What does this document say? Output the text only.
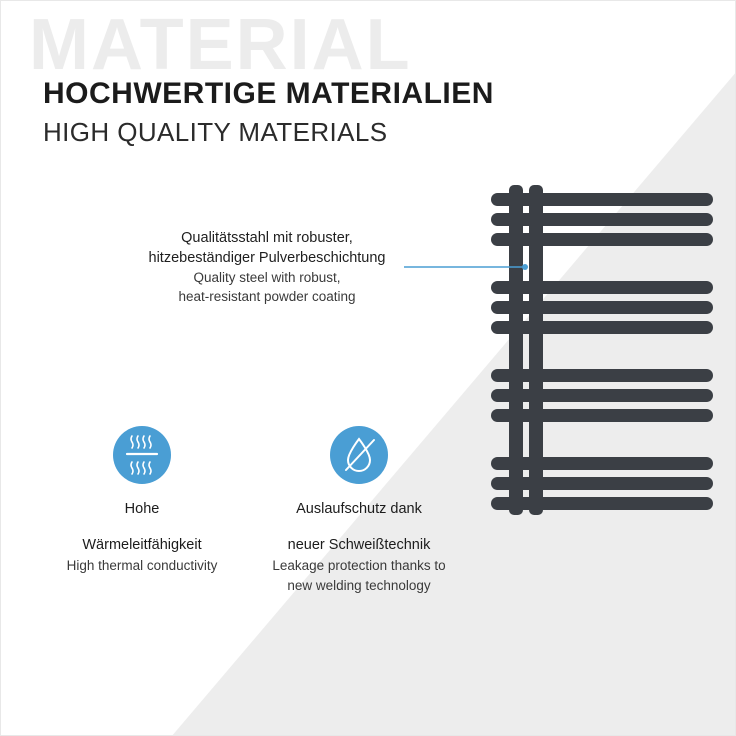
MATERIAL
HOCHWERTIGE MATERIALIEN
HIGH QUALITY MATERIALS
Qualitätsstahl mit robuster,
hitzebeständiger Pulverbeschichtung
Quality steel with robust,
heat-resistant powder coating
Hohe
Wärmeleitfähigkeit
High thermal conductivity
Auslaufschutz dank
neuer Schweißtechnik
Leakage protection thanks to
new welding technology
